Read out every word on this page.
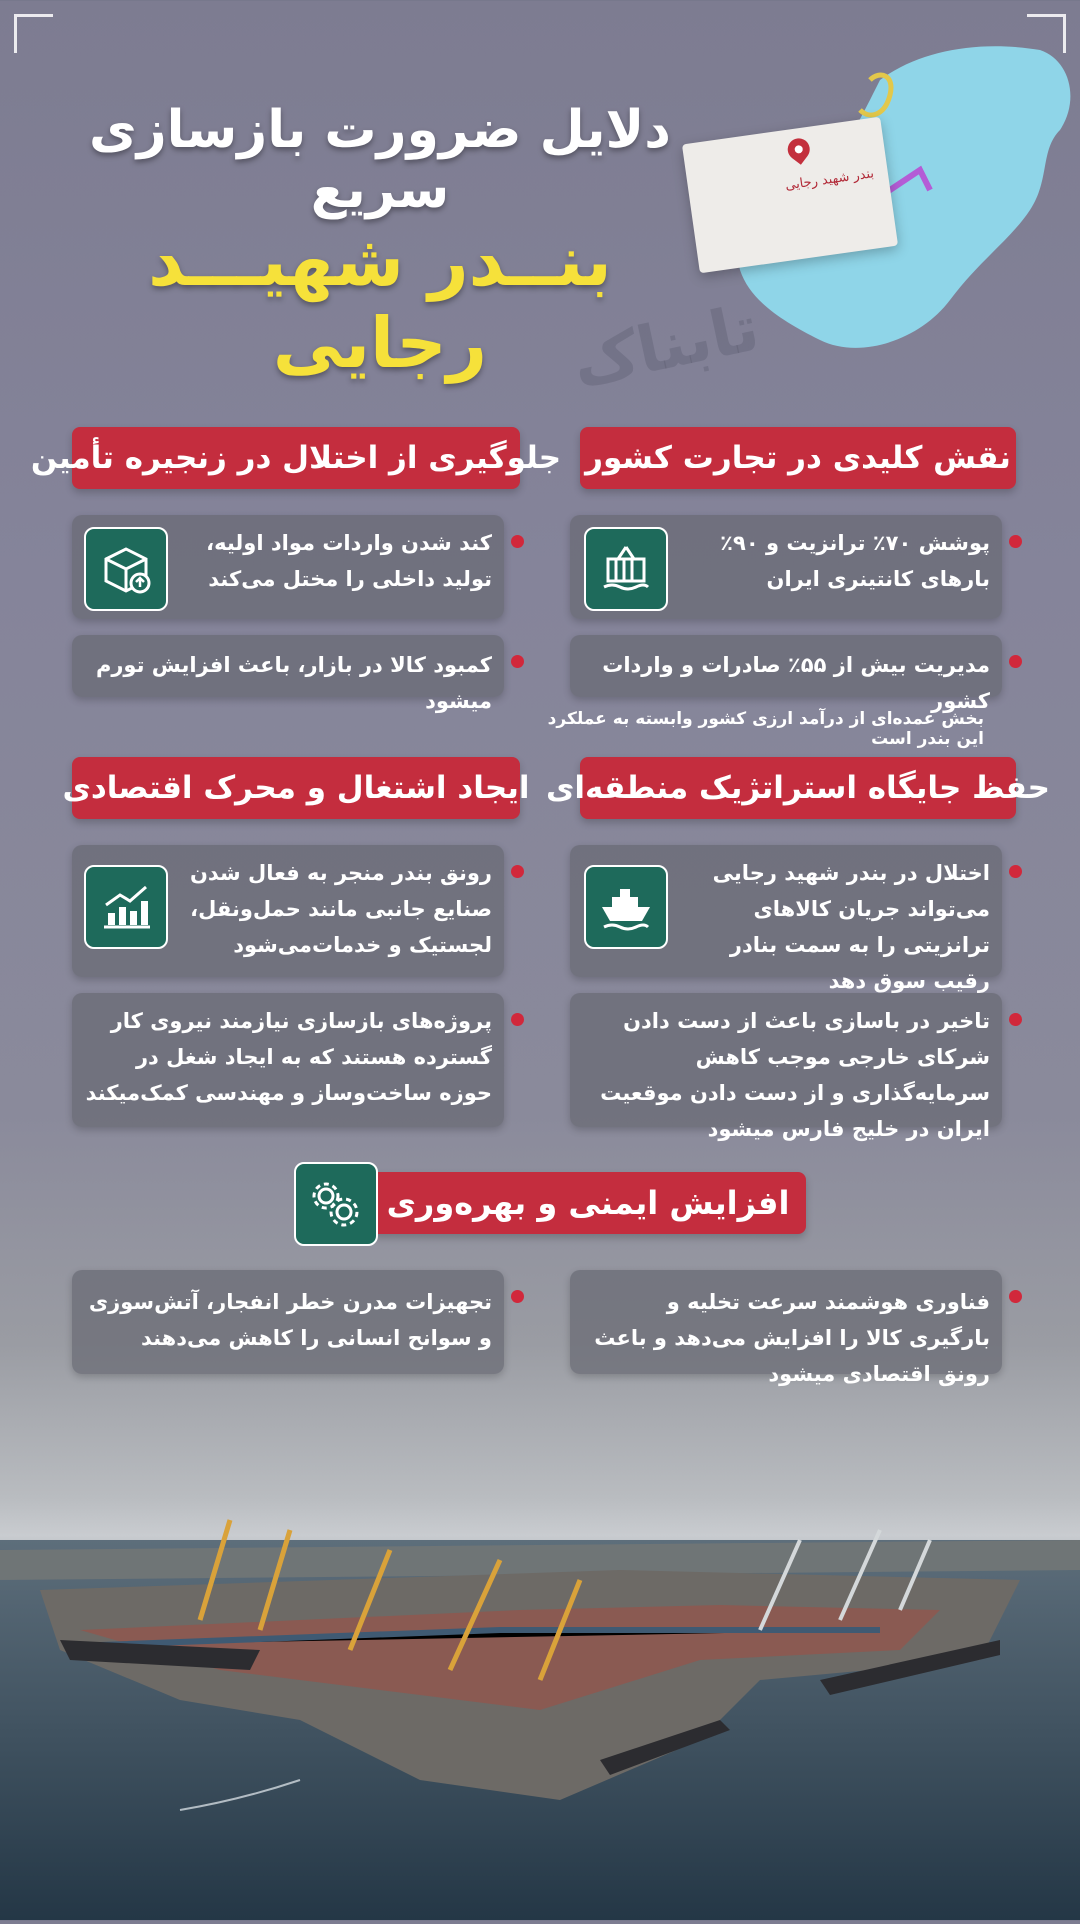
بندر شهید رجایی
تابناک
دلایل ضرورت بازسازی سریع
بنــدر شهیـــد رجایی
نقش کلیدی در تجارت کشور
پوشش ۷۰٪ ترانزیت و ۹۰٪ بارهای کانتینری ایران
مدیریت بیش از ۵۵٪ صادرات و واردات کشور
بخش عمده‌ای از درآمد ارزی کشور وابسته به عملکرد این بندر است
جلوگیری از اختلال در زنجیره تأمین
کند شدن واردات مواد اولیه، تولید داخلی را مختل می‌کند
کمبود کالا در بازار، باعث افزایش تورم میشود
حفظ جایگاه استراتژیک منطقه‌ای
اختلال در بندر شهید رجایی می‌تواند جریان کالاهای ترانزیتی را به سمت بنادر رقیب سوق دهد
تاخیر در باسازی باعث از دست دادن شرکای خارجی موجب کاهش سرمایه‌گذاری و از دست دادن موقعیت ایران در خلیج فارس میشود
ایجاد اشتغال و محرک اقتصادی
رونق بندر منجر به فعال شدن صنایع جانبی مانند حمل‌ونقل، لجستیک و خدمات‌می‌شود
پروژه‌های بازسازی نیازمند نیروی کار گسترده هستند که به ایجاد شغل در حوزه ساخت‌وساز و مهندسی کمک‌میکند
افزایش ایمنی و بهره‌وری
فناوری هوشمند سرعت تخلیه و بارگیری کالا را افزایش می‌دهد و باعث رونق اقتصادی میشود
تجهیزات مدرن خطر انفجار، آتش‌سوزی و سوانح انسانی را کاهش می‌دهند
